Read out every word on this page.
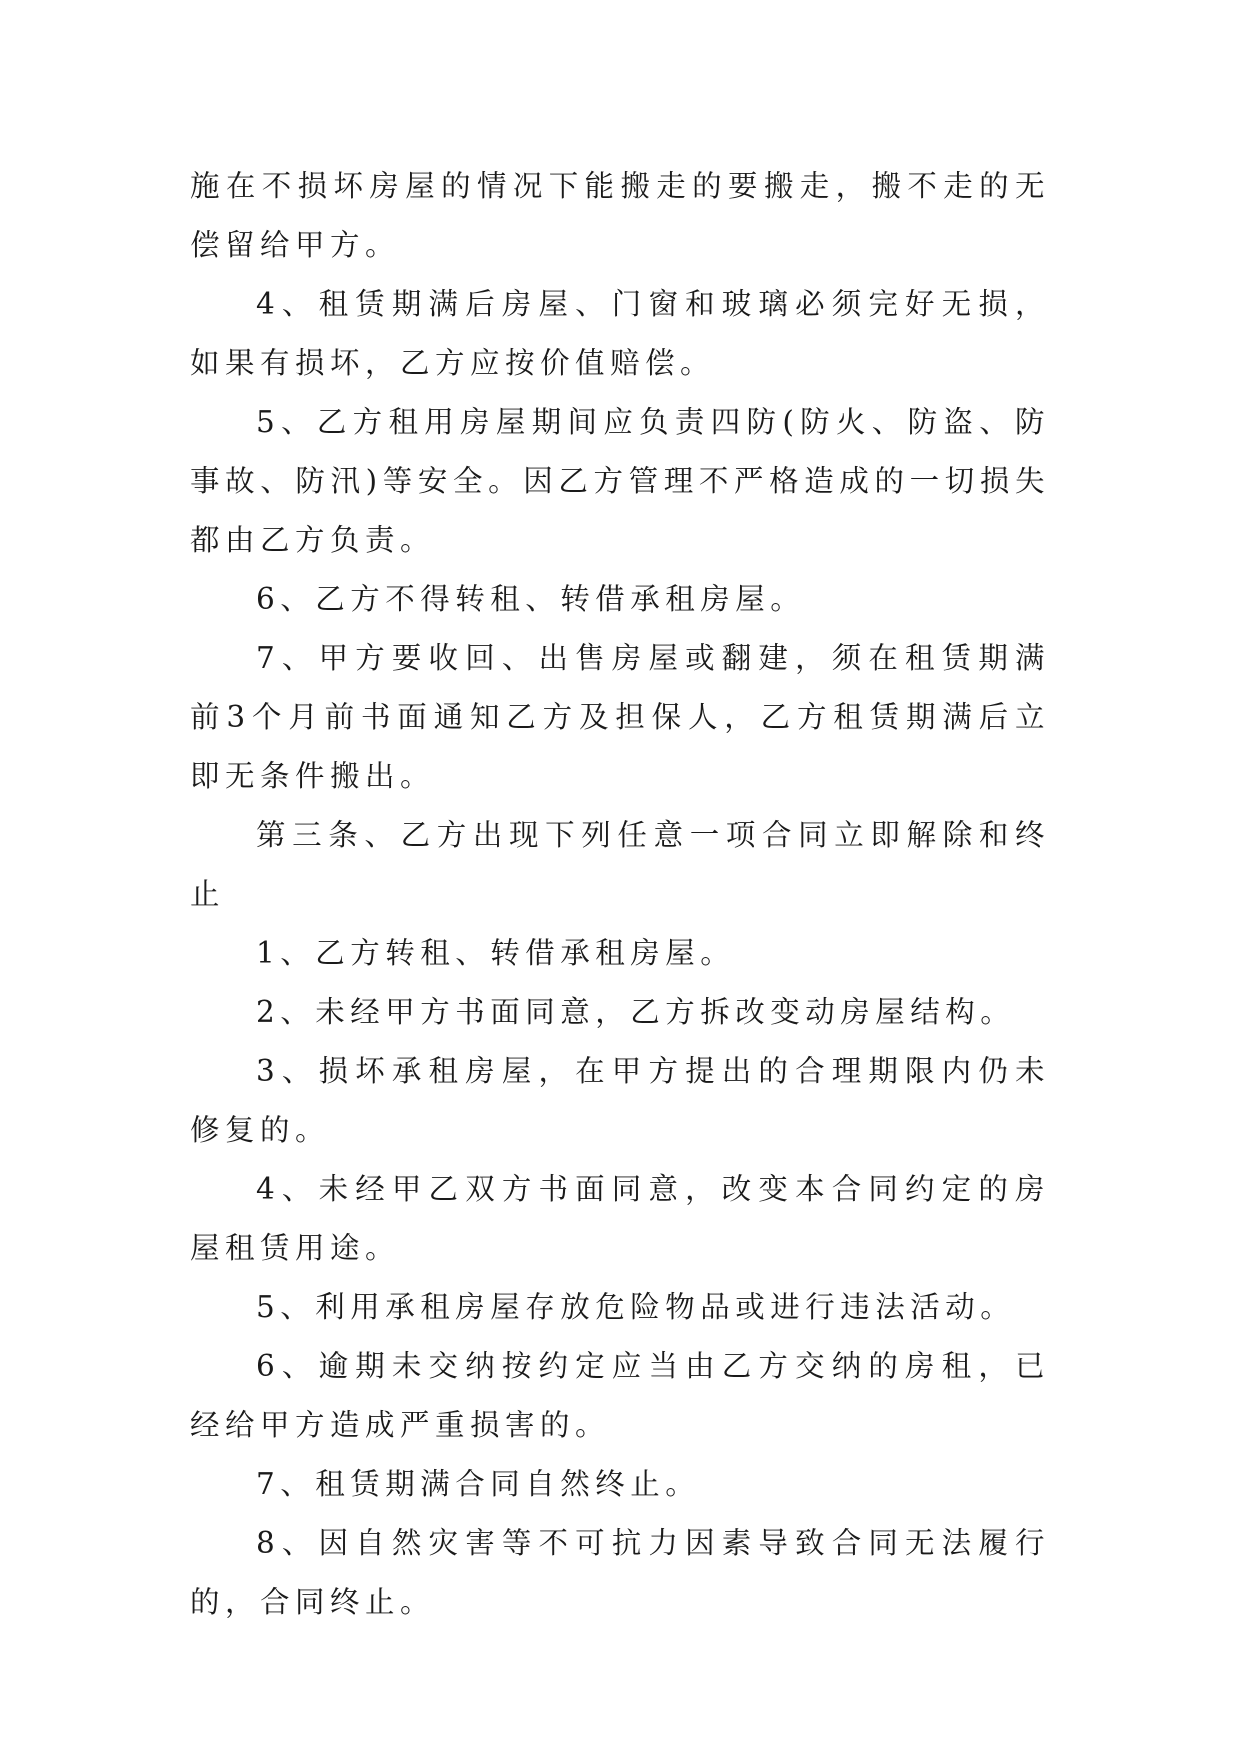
施在不损坏房屋的情况下能搬走的要搬走，搬不走的无偿留给甲方。

4、租赁期满后房屋、门窗和玻璃必须完好无损，如果有损坏，乙方应按价值赔偿。

5、乙方租用房屋期间应负责四防(防火、防盗、防事故、防汛)等安全。因乙方管理不严格造成的一切损失都由乙方负责。

6、乙方不得转租、转借承租房屋。

7、甲方要收回、出售房屋或翻建，须在租赁期满前3个月前书面通知乙方及担保人，乙方租赁期满后立即无条件搬出。

第三条、乙方出现下列任意一项合同立即解除和终止

1、乙方转租、转借承租房屋。

2、未经甲方书面同意，乙方拆改变动房屋结构。

3、损坏承租房屋，在甲方提出的合理期限内仍未修复的。

4、未经甲乙双方书面同意，改变本合同约定的房屋租赁用途。

5、利用承租房屋存放危险物品或进行违法活动。

6、逾期未交纳按约定应当由乙方交纳的房租，已经给甲方造成严重损害的。

7、租赁期满合同自然终止。

8、因自然灾害等不可抗力因素导致合同无法履行的，合同终止。
